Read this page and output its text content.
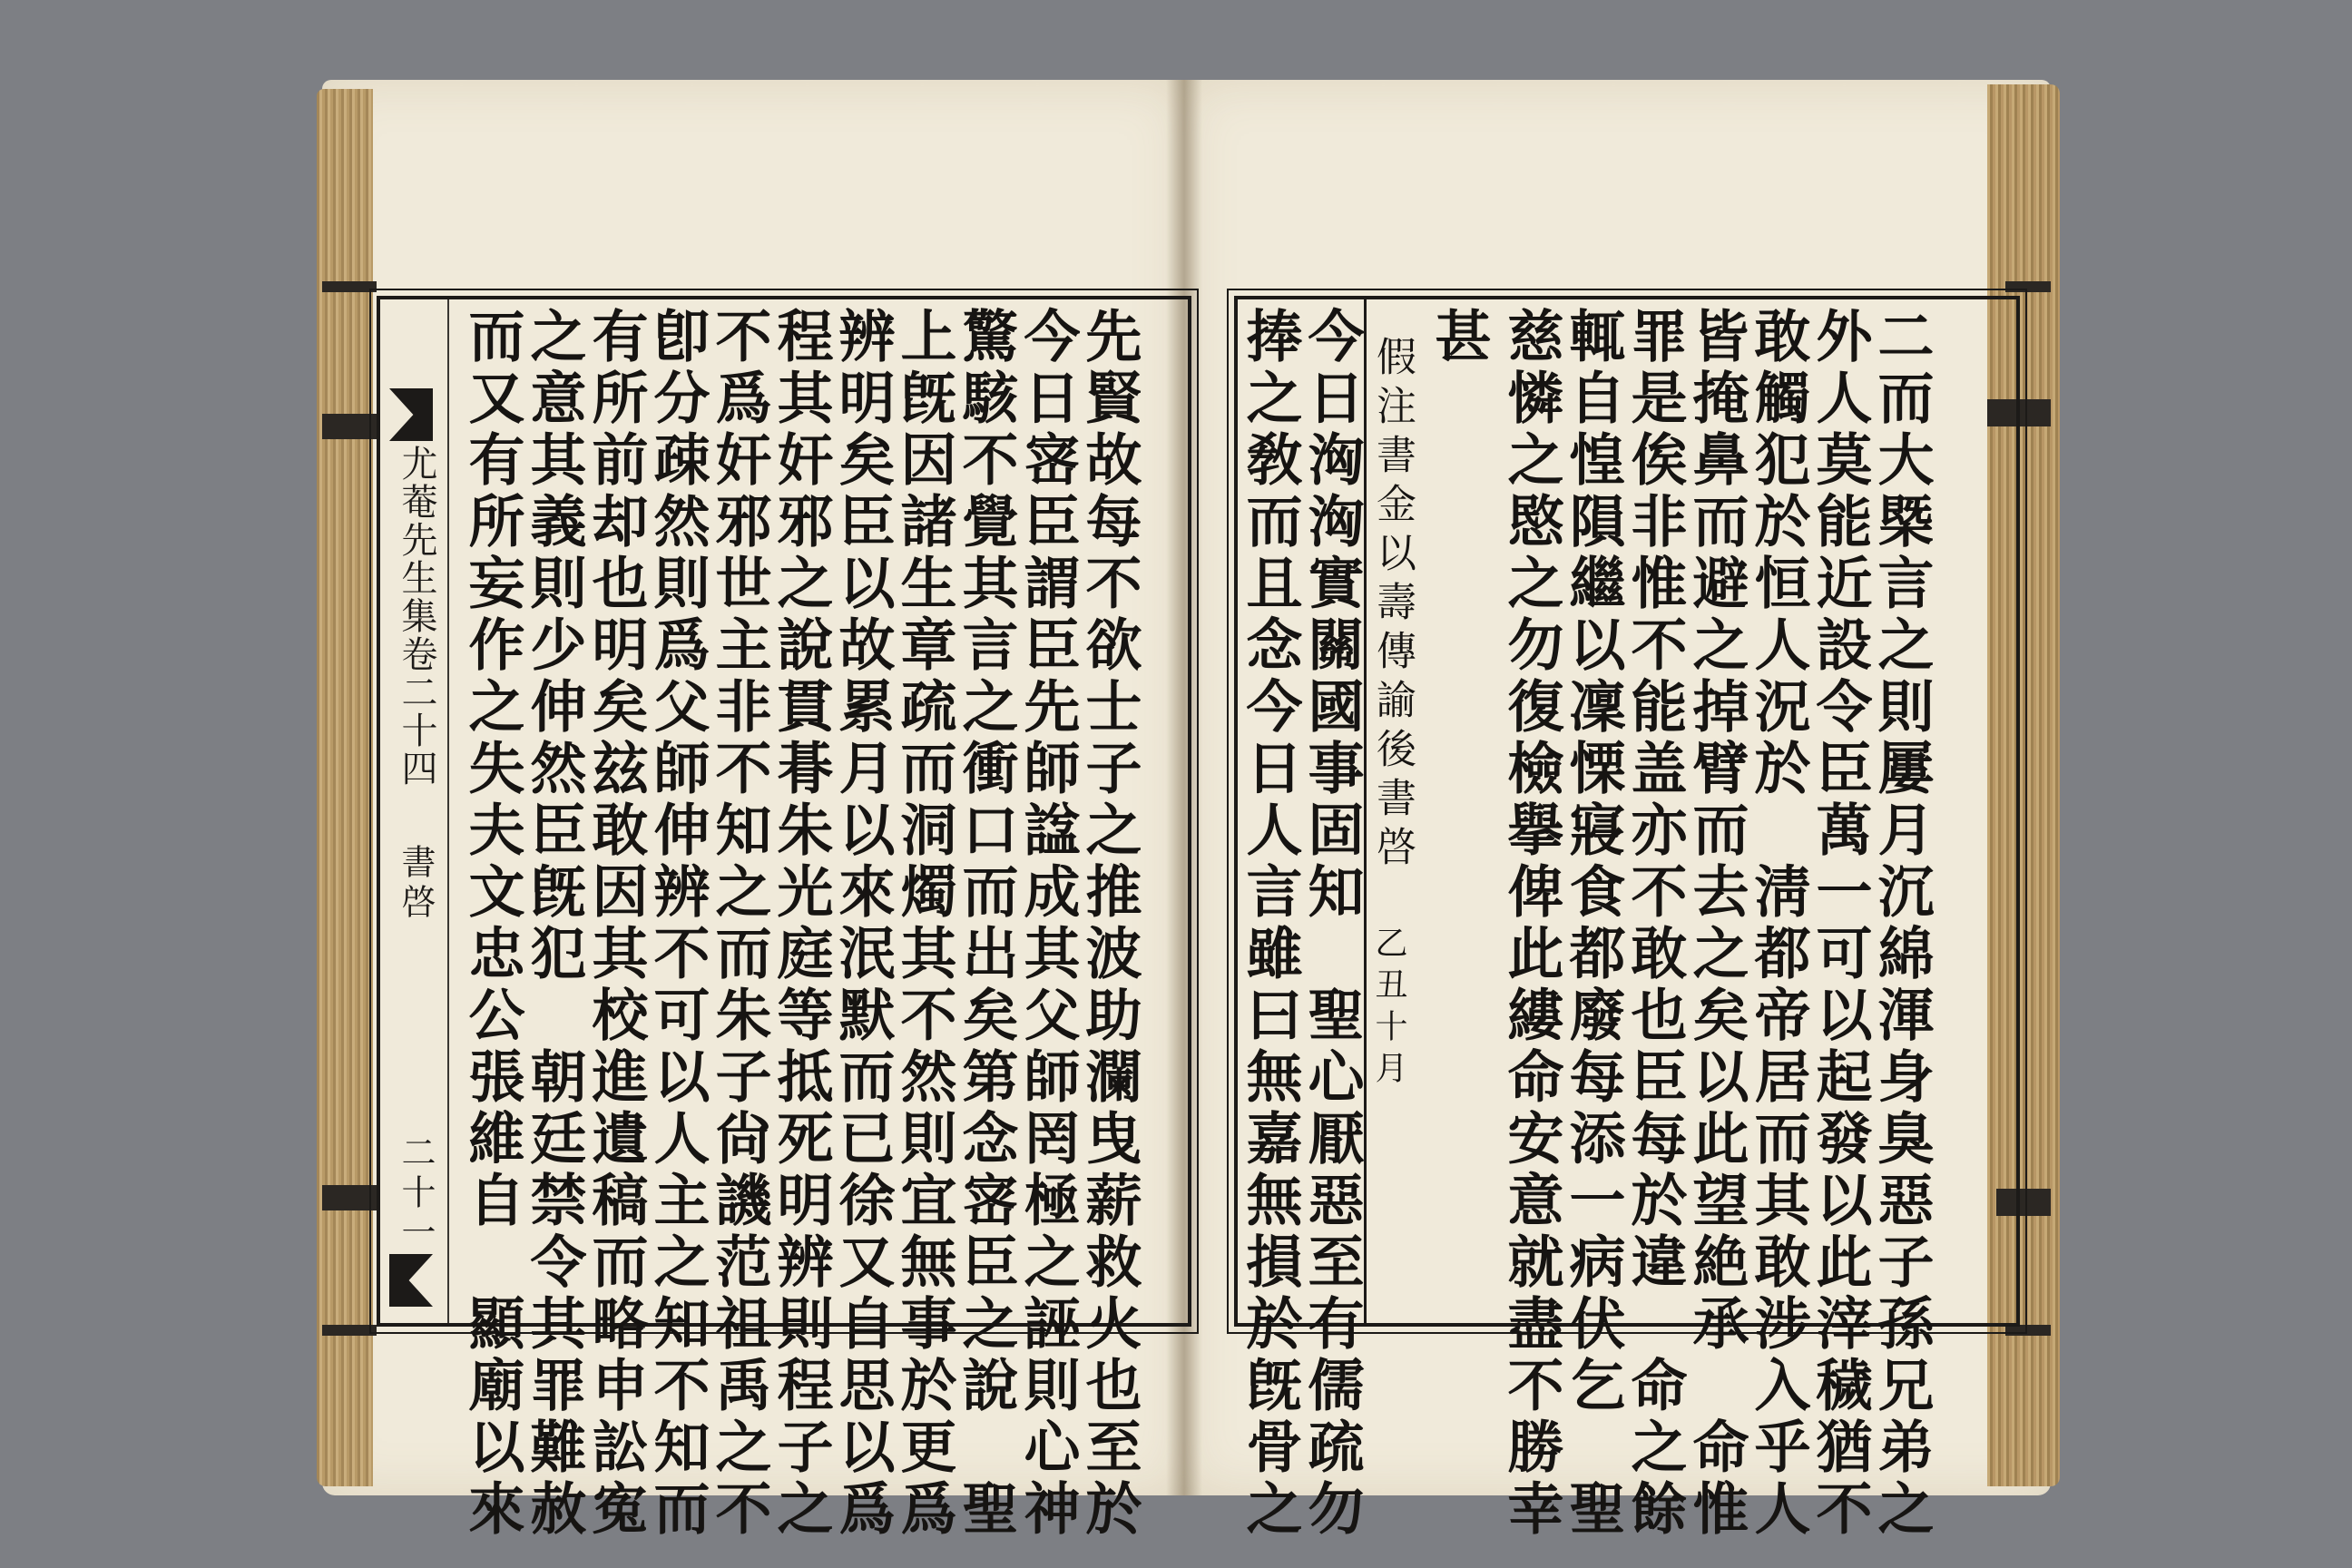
尤菴先生集卷二十四
書啓
二十一 而又有所妄作之失夫文忠公張維自　顯廟以來
之意其義則少伸然臣旣犯　朝廷禁令其罪難赦
有所前却也明矣玆敢因其校進遺稿而略申訟寃
卽分疎然則爲父師伸辨不可以人主之知不知而
不爲奸邪世主非不知之而朱子尙譏范祖禹之不
程其奸邪之說貫朞朱光庭等抵死明辨則程子之
辨明矣臣以故累月以來泯默而已徐又自思以爲
上旣因諸生章疏而洞燭其不然則宜無事於更爲
驚駭不覺其言之衝口而出矣第念宻臣之說　聖
今日宻臣謂臣先師諡成其父師罔極之誣則心神
先賢故每不欲士子之推波助瀾曳薪救火也至於 捧之敎而且念今日人言雖曰無嘉無損於旣骨之
今日洶洶實關國事固知　聖心厭惡至有儒疏勿 假注書金以壽傳諭後書啓
乙丑十月
甚 慈憐之愍之勿復檢擧俾此縷命安意就盡不勝幸
輒自惶隕繼以凜慄寢食都廢每添一病伏乞　聖
罪是俟非惟不能盖亦不敢也臣每於違　命之餘
皆掩鼻而避之掉臂而去之矣以此望絶承　命惟
敢觸犯於恒人況於　淸都帝居而其敢涉入乎人
外人莫能近設令臣萬一可以起發以此滓穢猶不
二而大槩言之則屢月沉綿渾身臭惡子孫兄弟之
